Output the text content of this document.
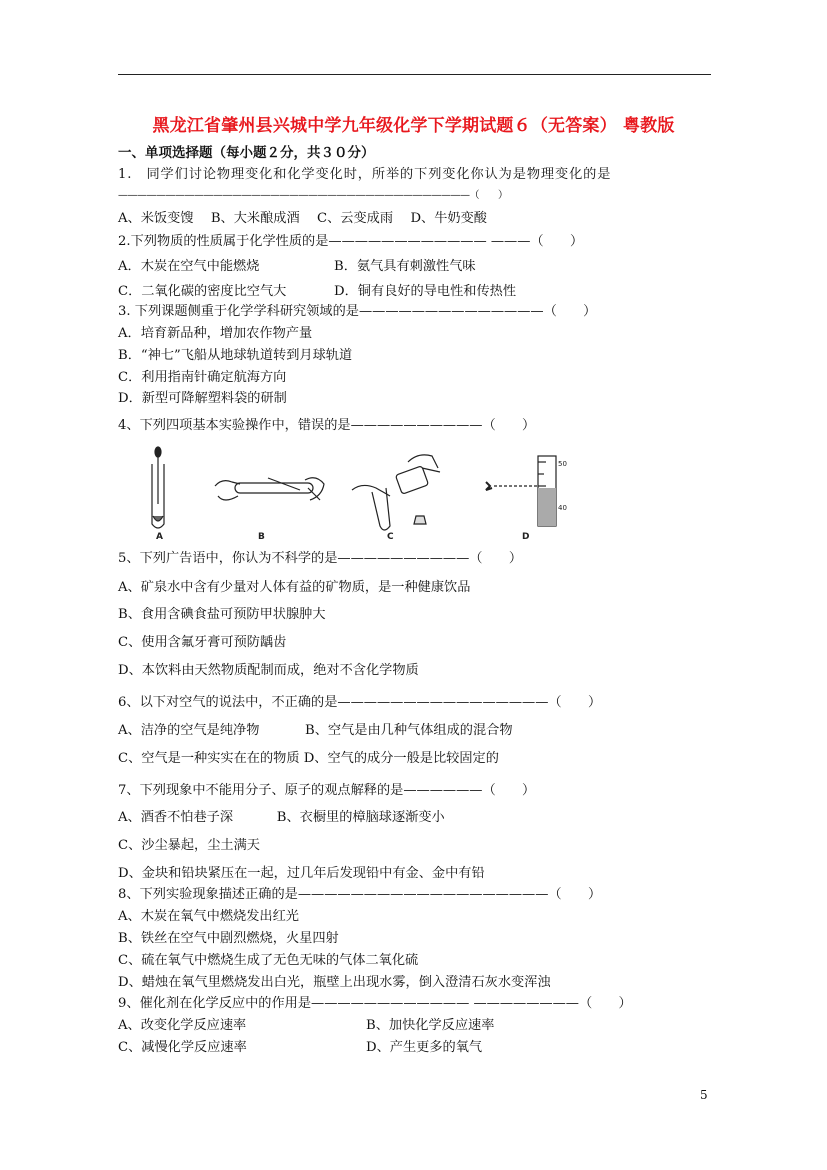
黑龙江省肇州县兴城中学九年级化学下学期试题６（无答案） 粤教版
一、单项选择题（每小题２分，共３０分）
1.　同学们讨论物理变化和化学变化时，所举的下列变化你认为是物理变化的是
—————————————————————————————————————（　　）
A、米饭变馊　 B、大米酿成酒　 C、云变成雨　 D、牛奶变酸
2.下列物质的性质属于化学性质的是———————————— ———（　　）
A．木炭在空气中能燃烧	B．氨气具有刺激性气味
C．二氧化碳的密度比空气大	D．铜有良好的导电性和传热性
3. 下列课题侧重于化学学科研究领域的是——————————————（　　）
A．培育新品种，增加农作物产量
B．“神七”飞船从地球轨道转到月球轨道
C．利用指南针确定航海方向
D．新型可降解塑料袋的研制
4、下列四项基本实验操作中，错误的是——————————（　　）
50
40
A	B	C	D
5、下列广告语中，你认为不科学的是——————————（　　）
A、矿泉水中含有少量对人体有益的矿物质，是一种健康饮品
B、食用含碘食盐可预防甲状腺肿大
C、使用含氟牙膏可预防龋齿
D、本饮料由天然物质配制而成，绝对不含化学物质
6、以下对空气的说法中，不正确的是————————————————（　　）
A、洁净的空气是纯净物	B、空气是由几种气体组成的混合物
C、空气是一种实实在在的物质 D、空气的成分一般是比较固定的
7、下列现象中不能用分子、原子的观点解释的是——————（　　）
A、酒香不怕巷子深　　　 B、衣橱里的樟脑球逐渐变小
C、沙尘暴起，尘土满天
D、金块和铅块紧压在一起，过几年后发现铅中有金、金中有铅
8、下列实验现象描述正确的是———————————————————（　　）
A、木炭在氧气中燃烧发出红光
B、铁丝在空气中剧烈燃烧，火星四射
C、硫在氧气中燃烧生成了无色无味的气体二氧化硫
D、蜡烛在氧气里燃烧发出白光，瓶壁上出现水雾，倒入澄清石灰水变浑浊
9、催化剂在化学反应中的作用是———————————— ————————（　　）
A、改变化学反应速率	B、加快化学反应速率
C、减慢化学反应速率	D、产生更多的氧气
5
